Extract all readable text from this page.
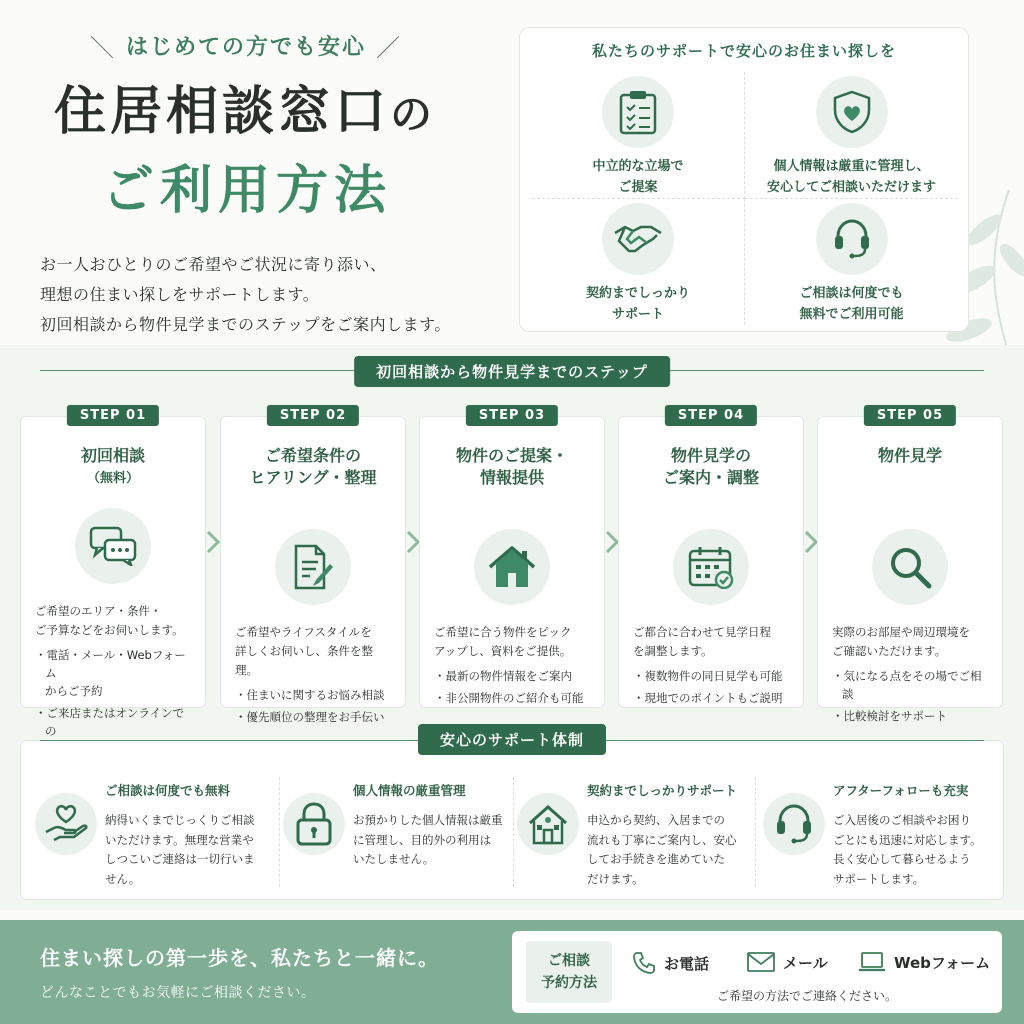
＼ はじめての方でも安心 ／
住居相談窓口の
ご利用方法
お一人おひとりのご希望やご状況に寄り添い、
理想の住まい探しをサポートします。
初回相談から物件見学までのステップをご案内します。
私たちのサポートで安心のお住まい探しを
中立的な立場で
ご提案
個人情報は厳重に管理し、
安心してご相談いただけます
契約までしっかり
サポート
ご相談は何度でも
無料でご利用可能
初回相談から物件見学までのステップ
STEP 01
初回相談
（無料）
ご希望のエリア・条件・
ご予算などをお伺いします。
・電話・メール・Webフォーム
からご予約
・ご来店またはオンラインでの

STEP 02
ご希望条件の
ヒアリング・整理
ご希望やライフスタイルを
詳しくお伺いし、条件を整理。
・住まいに関するお悩み相談
・優先順位の整理をお手伝い
STEP 03
物件のご提案・
情報提供
ご希望に合う物件をピック
アップし、資料をご提供。
・最新の物件情報をご案内
・非公開物件のご紹介も可能
STEP 04
物件見学の
ご案内・調整
ご都合に合わせて見学日程
を調整します。
・複数物件の同日見学も可能
・現地でのポイントもご説明
STEP 05
物件見学
実際のお部屋や周辺環境を
ご確認いただけます。
・気になる点をその場でご相談
・比較検討をサポート
ご相談は何度でも無料
納得いくまでじっくりご相談
いただけます。無理な営業や
しつこいご連絡は一切行いま
せん。
個人情報の厳重管理
お預かりした個人情報は厳重
に管理し、目的外の利用は
いたしません。
契約までしっかりサポート
申込から契約、入居までの
流れも丁寧にご案内し、安心
してお手続きを進めていた
だけます。
アフターフォローも充実
ご入居後のご相談やお困り
ごとにも迅速に対応します。
長く安心して暮らせるよう
サポートします。
安心のサポート体制
住まい探しの第一歩を、私たちと一緒に。
どんなことでもお気軽にご相談ください。
ご相談
予約方法
お電話	メール	Webフォーム
ご希望の方法でご連絡ください。
